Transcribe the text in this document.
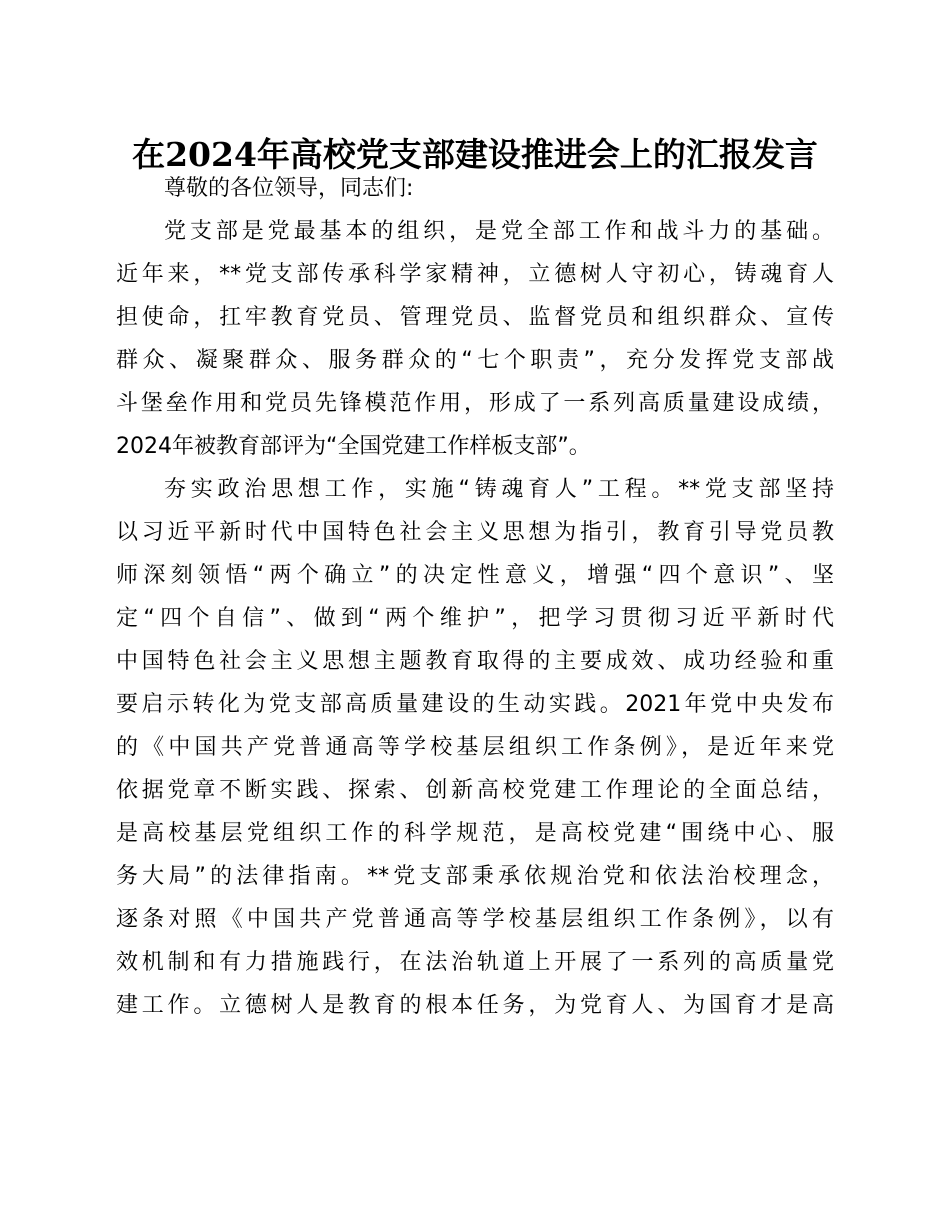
在2024年高校党支部建设推进会上的汇报发言

尊敬的各位领导，同志们:

党支部是党最基本的组织，是党全部工作和战斗力的基础。

近年来，**党支部传承科学家精神，立德树人守初心，铸魂育人

担使命，扛牢教育党员、管理党员、监督党员和组织群众、宣传

群众、凝聚群众、服务群众的“七个职责”，充分发挥党支部战

斗堡垒作用和党员先锋模范作用，形成了一系列高质量建设成绩，

2024年被教育部评为“全国党建工作样板支部”。

夯实政治思想工作，实施“铸魂育人”工程。**党支部坚持

以习近平新时代中国特色社会主义思想为指引，教育引导党员教

师深刻领悟“两个确立”的决定性意义，增强“四个意识”、坚

定“四个自信”、做到“两个维护”，把学习贯彻习近平新时代

中国特色社会主义思想主题教育取得的主要成效、成功经验和重

要启示转化为党支部高质量建设的生动实践。2021年党中央发布

的《中国共产党普通高等学校基层组织工作条例》，是近年来党

依据党章不断实践、探索、创新高校党建工作理论的全面总结，

是高校基层党组织工作的科学规范，是高校党建“围绕中心、服

务大局”的法律指南。**党支部秉承依规治党和依法治校理念，

逐条对照《中国共产党普通高等学校基层组织工作条例》，以有

效机制和有力措施践行，在法治轨道上开展了一系列的高质量党

建工作。立德树人是教育的根本任务，为党育人、为国育才是高
